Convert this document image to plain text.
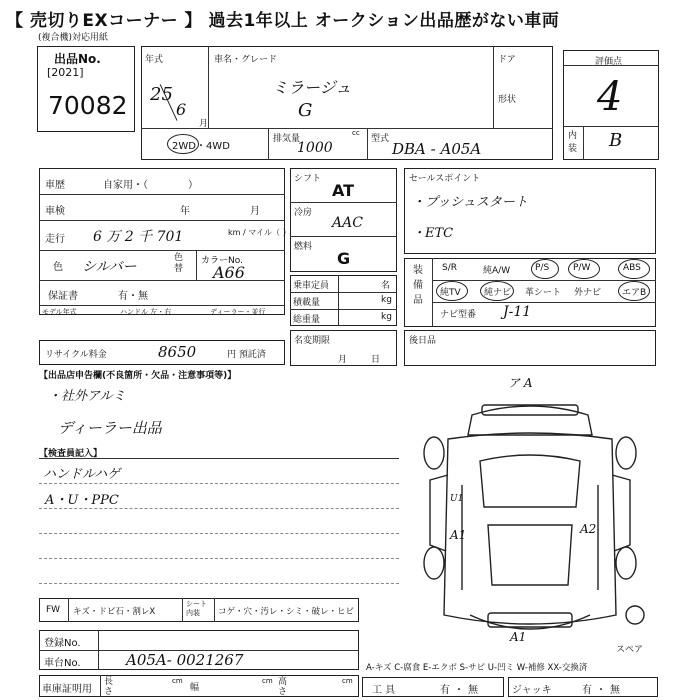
【 売切りEXコーナー 】 過去1年以上 オークション出品歴がない車両
(複合機)対応用紙
出品No.
[2021]
70082
年式
25
6
月
車名・グレード
ミラージュ
G
ドア
形状
2WD・4WD
排気量
cc
1000
型式
DBA - A05A
評価点
4
内装 B
車歴	自家用・（　　　　）
車検	年	月
走行 6 万 2 千 701	km / マイル（ ）
色 シルバー
色替
カラーNo.
A66
保証書	有・無
モデル年式	ハンドル 左・右	ディーラー・並行
リサイクル料金	8650	円 預託済
シフト
AT
冷房
AAC
燃料
G
乗車定員	名
積載量	kg
総重量	kg
名変期限
月日
セールスポイント
・プッシュスタート
・ETC
装備品
S/R	純A/W	P/S	P/W	ABS
純TV	純ナビ 革シート 外ナビ エアB
ナビ型番 J-11
後日品
【出品店申告欄(不良箇所・欠品・注意事項等)】
・社外アルミ
ディーラー出品
【検査員記入】
ハンドルハゲ
A・U・PPC
ア A
U1
A1	A2
A1
スペア
FW キズ・ドビ石・割レX
シート内装	コゲ・穴・汚レ・シミ・破レ・ヒビ
登録No.
車台No.	A05A- 0021267	A-キズ C-腐食 E-エクボ S-サビ U-凹ミ W-補修 XX-交換済
車庫証明用
長さ
cm
幅
cm 高さ
cm
工 具	有・無	ジャッキ	有・無
